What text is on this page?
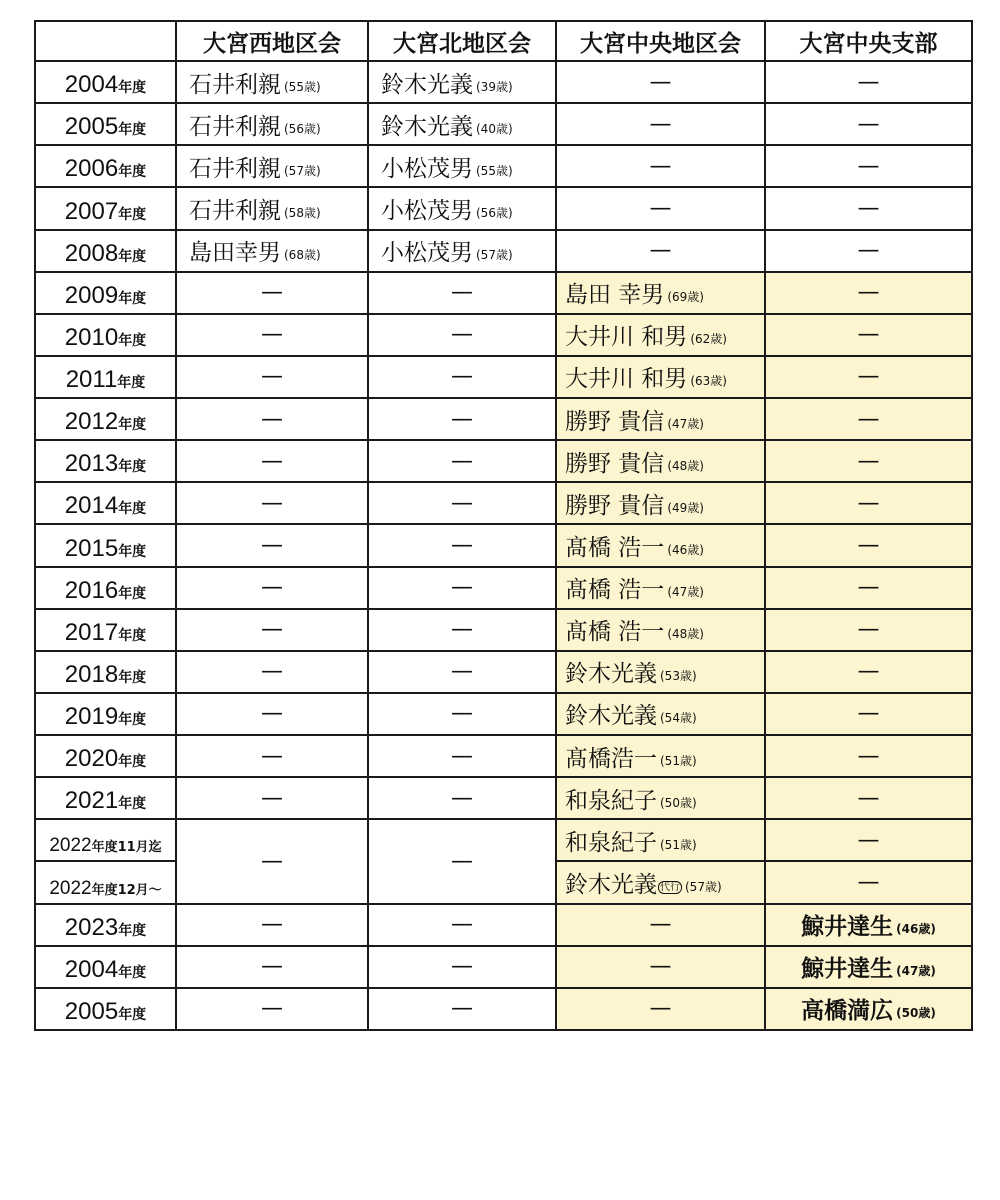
	大宮西地区会	大宮北地区会	大宮中央地区会	大宮中央支部
2004年度	石井利親 (55歳)	鈴木光義 (39歳)	—	—
2005年度	石井利親 (56歳)	鈴木光義 (40歳)	—	—
2006年度	石井利親 (57歳)	小松茂男 (55歳)	—	—
2007年度	石井利親 (58歳)	小松茂男 (56歳)	—	—
2008年度	島田幸男 (68歳)	小松茂男 (57歳)	—	—
2009年度	—	—	島田 幸男 (69歳)	—
2010年度	—	—	大井川 和男 (62歳)	—
2011年度	—	—	大井川 和男 (63歳)	—
2012年度	—	—	勝野 貴信 (47歳)	—
2013年度	—	—	勝野 貴信 (48歳)	—
2014年度	—	—	勝野 貴信 (49歳)	—
2015年度	—	—	髙橋 浩一 (46歳)	—
2016年度	—	—	髙橋 浩一 (47歳)	—
2017年度	—	—	髙橋 浩一 (48歳)	—
2018年度	—	—	鈴木光義 (53歳)	—
2019年度	—	—	鈴木光義 (54歳)	—
2020年度	—	—	髙橋浩一 (51歳)	—
2021年度	—	—	和泉紀子 (50歳)	—
2022年度11月迄	—	—	和泉紀子 (51歳)	—
2022年度12月～			鈴木光義 代行 (57歳)	—
2023年度	—	—	—	鯨井達生 (46歳)
2004年度	—	—	—	鯨井達生 (47歳)
2005年度	—	—	—	高橋満広 (50歳)
